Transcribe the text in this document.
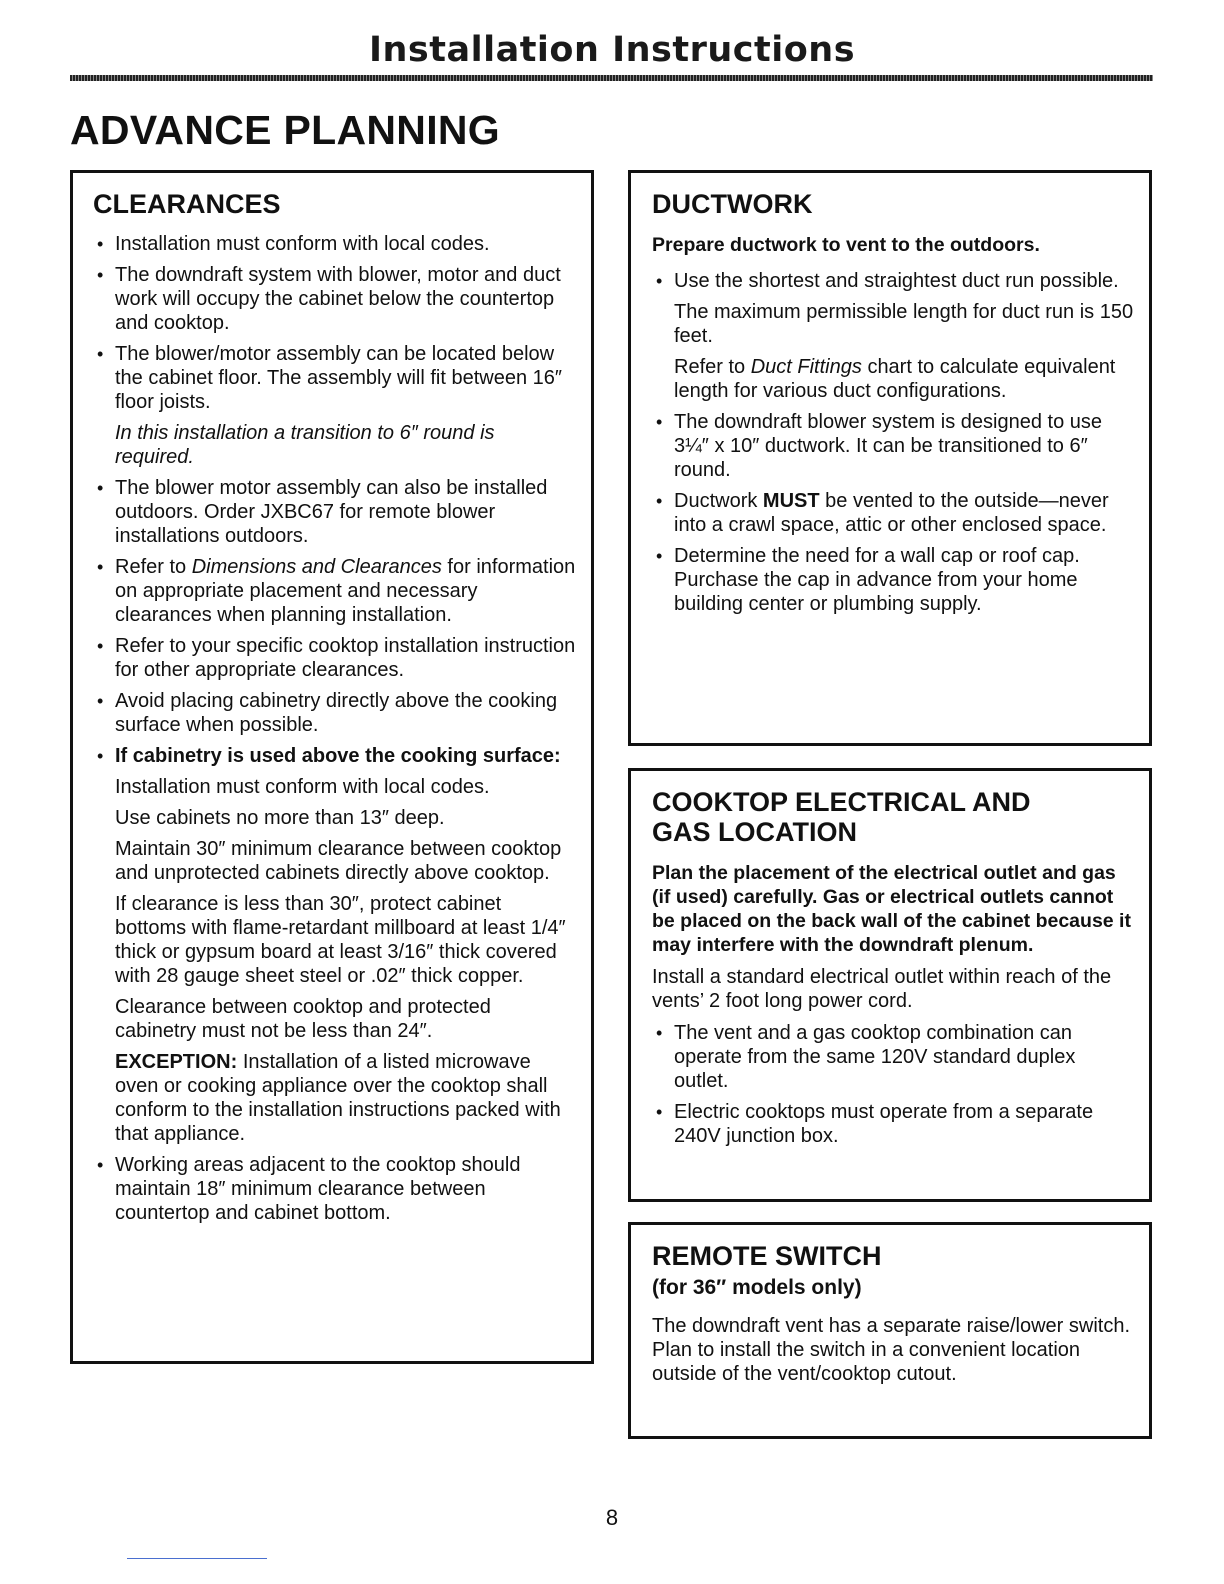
Installation Instructions
ADVANCE PLANNING
CLEARANCES
• Installation must conform with local codes.
• The downdraft system with blower, motor and duct work will occupy the cabinet below the countertop and cooktop.
• The blower/motor assembly can be located below the cabinet floor. The assembly will fit between 16″ floor joists.
In this installation a transition to 6″ round is required.
• The blower motor assembly can also be installed outdoors. Order JXBC67 for remote blower installations outdoors.
• Refer to Dimensions and Clearances for information on appropriate placement and necessary clearances when planning installation.
• Refer to your specific cooktop installation instruction for other appropriate clearances.
• Avoid placing cabinetry directly above the cooking surface when possible.
• If cabinetry is used above the cooking surface:
Installation must conform with local codes.
Use cabinets no more than 13″ deep.
Maintain 30″ minimum clearance between cooktop and unprotected cabinets directly above cooktop.
If clearance is less than 30″, protect cabinet bottoms with flame-retardant millboard at least 1/4″ thick or gypsum board at least 3/16″ thick covered with 28 gauge sheet steel or .02″ thick copper.
Clearance between cooktop and protected cabinetry must not be less than 24″.
EXCEPTION: Installation of a listed microwave oven or cooking appliance over the cooktop shall conform to the installation instructions packed with that appliance.
• Working areas adjacent to the cooktop should maintain 18″ minimum clearance between countertop and cabinet bottom.
DUCTWORK

Prepare ductwork to vent to the outdoors.

• Use the shortest and straightest duct run possible.
The maximum permissible length for duct run is 150 feet.
Refer to Duct Fittings chart to calculate equivalent length for various duct configurations.
• The downdraft blower system is designed to use 3¼″ x 10″ ductwork. It can be transitioned to 6″ round.
• Ductwork MUST be vented to the outside—never into a crawl space, attic or other enclosed space.
• Determine the need for a wall cap or roof cap. Purchase the cap in advance from your home building center or plumbing supply.
COOKTOP ELECTRICAL AND
GAS LOCATION

Plan the placement of the electrical outlet and gas (if used) carefully. Gas or electrical outlets cannot be placed on the back wall of the cabinet because it may interfere with the downdraft plenum.

Install a standard electrical outlet within reach of the vents’ 2 foot long power cord.

• The vent and a gas cooktop combination can operate from the same 120V standard duplex outlet.
• Electric cooktops must operate from a separate 240V junction box.
REMOTE SWITCH

(for 36″ models only)

The downdraft vent has a separate raise/lower switch. Plan to install the switch in a convenient location outside of the vent/cooktop cutout.

8
